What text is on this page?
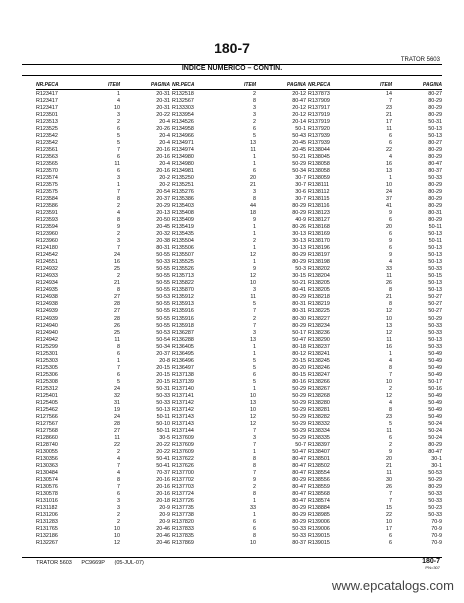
180-7
TRATOR 5603
INDICE NUMERICO – CONTIN.
NR.PECA	ITEM	PAGINA
R123417	1	20-31
R123417	4	20-31
R123417	10	20-31
R123501	3	20-22
R123513	2	20-4
R123525	6	20-26
R123542	5	20-4
R123542	5	20-4
R123561	7	20-16
R123563	6	20-16
R123565	11	20-4
R123570	6	20-16
R123574	3	20-2
R123575	1	20-2
R123575	7	20-54
R123584	8	20-37
R123586	2	20-29
R123591	4	20-13
R123593	8	20-50
R123594	9	20-45
R123960	2	20-32
R123960	3	20-38
R124180	7	80-31
R124542	24	50-55
R124551	16	50-33
R124932	25	50-55
R124933	2	50-55
R124934	21	50-55
R124935	8	50-55
R124938	27	50-53
R124938	28	50-55
R124939	27	50-55
R124939	28	50-55
R124940	26	50-55
R124940	25	50-53
R124942	11	50-54
R125299	8	50-34
R125301	6	20-37
R125303	1	20-8
R125305	7	20-15
R125306	6	20-15
R125308	5	20-15
R125312	24	50-31
R125401	32	50-33
R125405	31	50-33
R125462	19	50-13
R127566	24	50-11
R127567	28	50-10
R127568	27	50-11
R128660	11	30-5
R128740	22	20-22
R130055	2	20-22
R130356	4	50-41
R130363	7	50-41
R130484	4	70-37
R130574	8	20-16
R130576	7	20-16
R130578	6	20-16
R131016	3	20-18
R131182	3	20-9
R131206	2	20-9
R131283	2	20-9
R131765	10	20-46
R132186	10	20-46
R132267	12	20-46
NR.PECA	ITEM	PAGINA
R132518	2	20-12
R132567	8	80-47
R133303	3	20-12
R133954	3	20-12
R134526	2	20-14
R134958	6	50-1
R134966	5	50-43
R134971	13	20-45
R134974	11	20-45
R134980	1	50-21
R134980	1	50-29
R134981	6	50-34
R135250	20	30-7
R135251	21	30-7
R135276	3	30-6
R135386	8	30-7
R135403	44	80-29
R135408	18	80-29
R135409	9	40-9
R135419	1	80-26
R135435	1	30-13
R135504	2	30-13
R135506	1	30-13
R135507	12	80-29
R135525	1	80-29
R135526	9	50-3
R135713	12	30-15
R135822	10	50-21
R135870	3	80-41
R135912	11	80-29
R135913	5	80-31
R135916	7	80-31
R135916	2	80-30
R135918	7	80-29
R136287	3	50-17
R136288	13	50-47
R136405	1	80-18
R136495	1	80-12
R136496	5	20-15
R136497	5	80-20
R137138	6	80-15
R137139	5	80-16
R137140	1	50-29
R137141	10	50-29
R137142	13	50-29
R137142	10	50-29
R137143	12	50-29
R137143	12	50-29
R137144	7	50-29
R137609	3	50-29
R137609	7	50-7
R137609	1	50-47
R137622	8	80-47
R137626	8	80-47
R137700	7	80-47
R137702	9	80-29
R137703	2	80-47
R137724	8	80-47
R137726	1	80-47
R137735	33	80-29
R137738	1	80-29
R137820	6	80-29
R137833	6	50-33
R137835	8	50-33
R137869	10	80-37
NR.PECA	ITEM	PAGINA
R137873	14	80-27
R137909	7	80-29
R137917	23	80-29
R137919	21	80-29
R137919	17	50-31
R137920	11	50-13
R137939	6	50-13
R137939	6	80-27
R138044	22	80-29
R138045	4	80-29
R138058	16	80-47
R138058	13	80-37
R138059	1	50-33
R138111	10	80-29
R138112	24	80-29
R138115	37	80-29
R138116	41	80-29
R138123	9	80-31
R138127	6	80-29
R138168	20	50-11
R138169	6	50-13
R138170	9	50-11
R138196	6	50-13
R138197	9	50-13
R138198	4	50-13
R138202	33	50-33
R138204	11	50-15
R138205	26	50-13
R138205	8	50-13
R138218	21	50-27
R138219	8	50-27
R138225	12	50-27
R138227	10	50-29
R138234	13	50-33
R138236	12	50-33
R138290	11	50-13
R138237	16	50-33
R138241	1	50-49
R138245	4	50-49
R138246	8	50-49
R138247	7	50-49
R138266	10	50-17
R138267	2	50-16
R138268	12	50-49
R138280	4	50-49
R138281	8	50-49
R138282	23	50-49
R138332	5	50-24
R138334	11	50-24
R138335	6	50-24
R138397	2	80-29
R138407	9	80-47
R138501	20	30-1
R138502	21	30-1
R138554	11	50-53
R138556	30	50-29
R138559	26	80-29
R138568	7	50-33
R138574	7	50-33
R138884	15	50-23
R138985	22	50-33
R139006	10	70-9
R139006	17	70-9
R139015	6	70-9
R139015	6	70-9
TRATOR 5603 PC9669P (05-JUL-07)	180-7
PN=307
www.epcatalogs.com
